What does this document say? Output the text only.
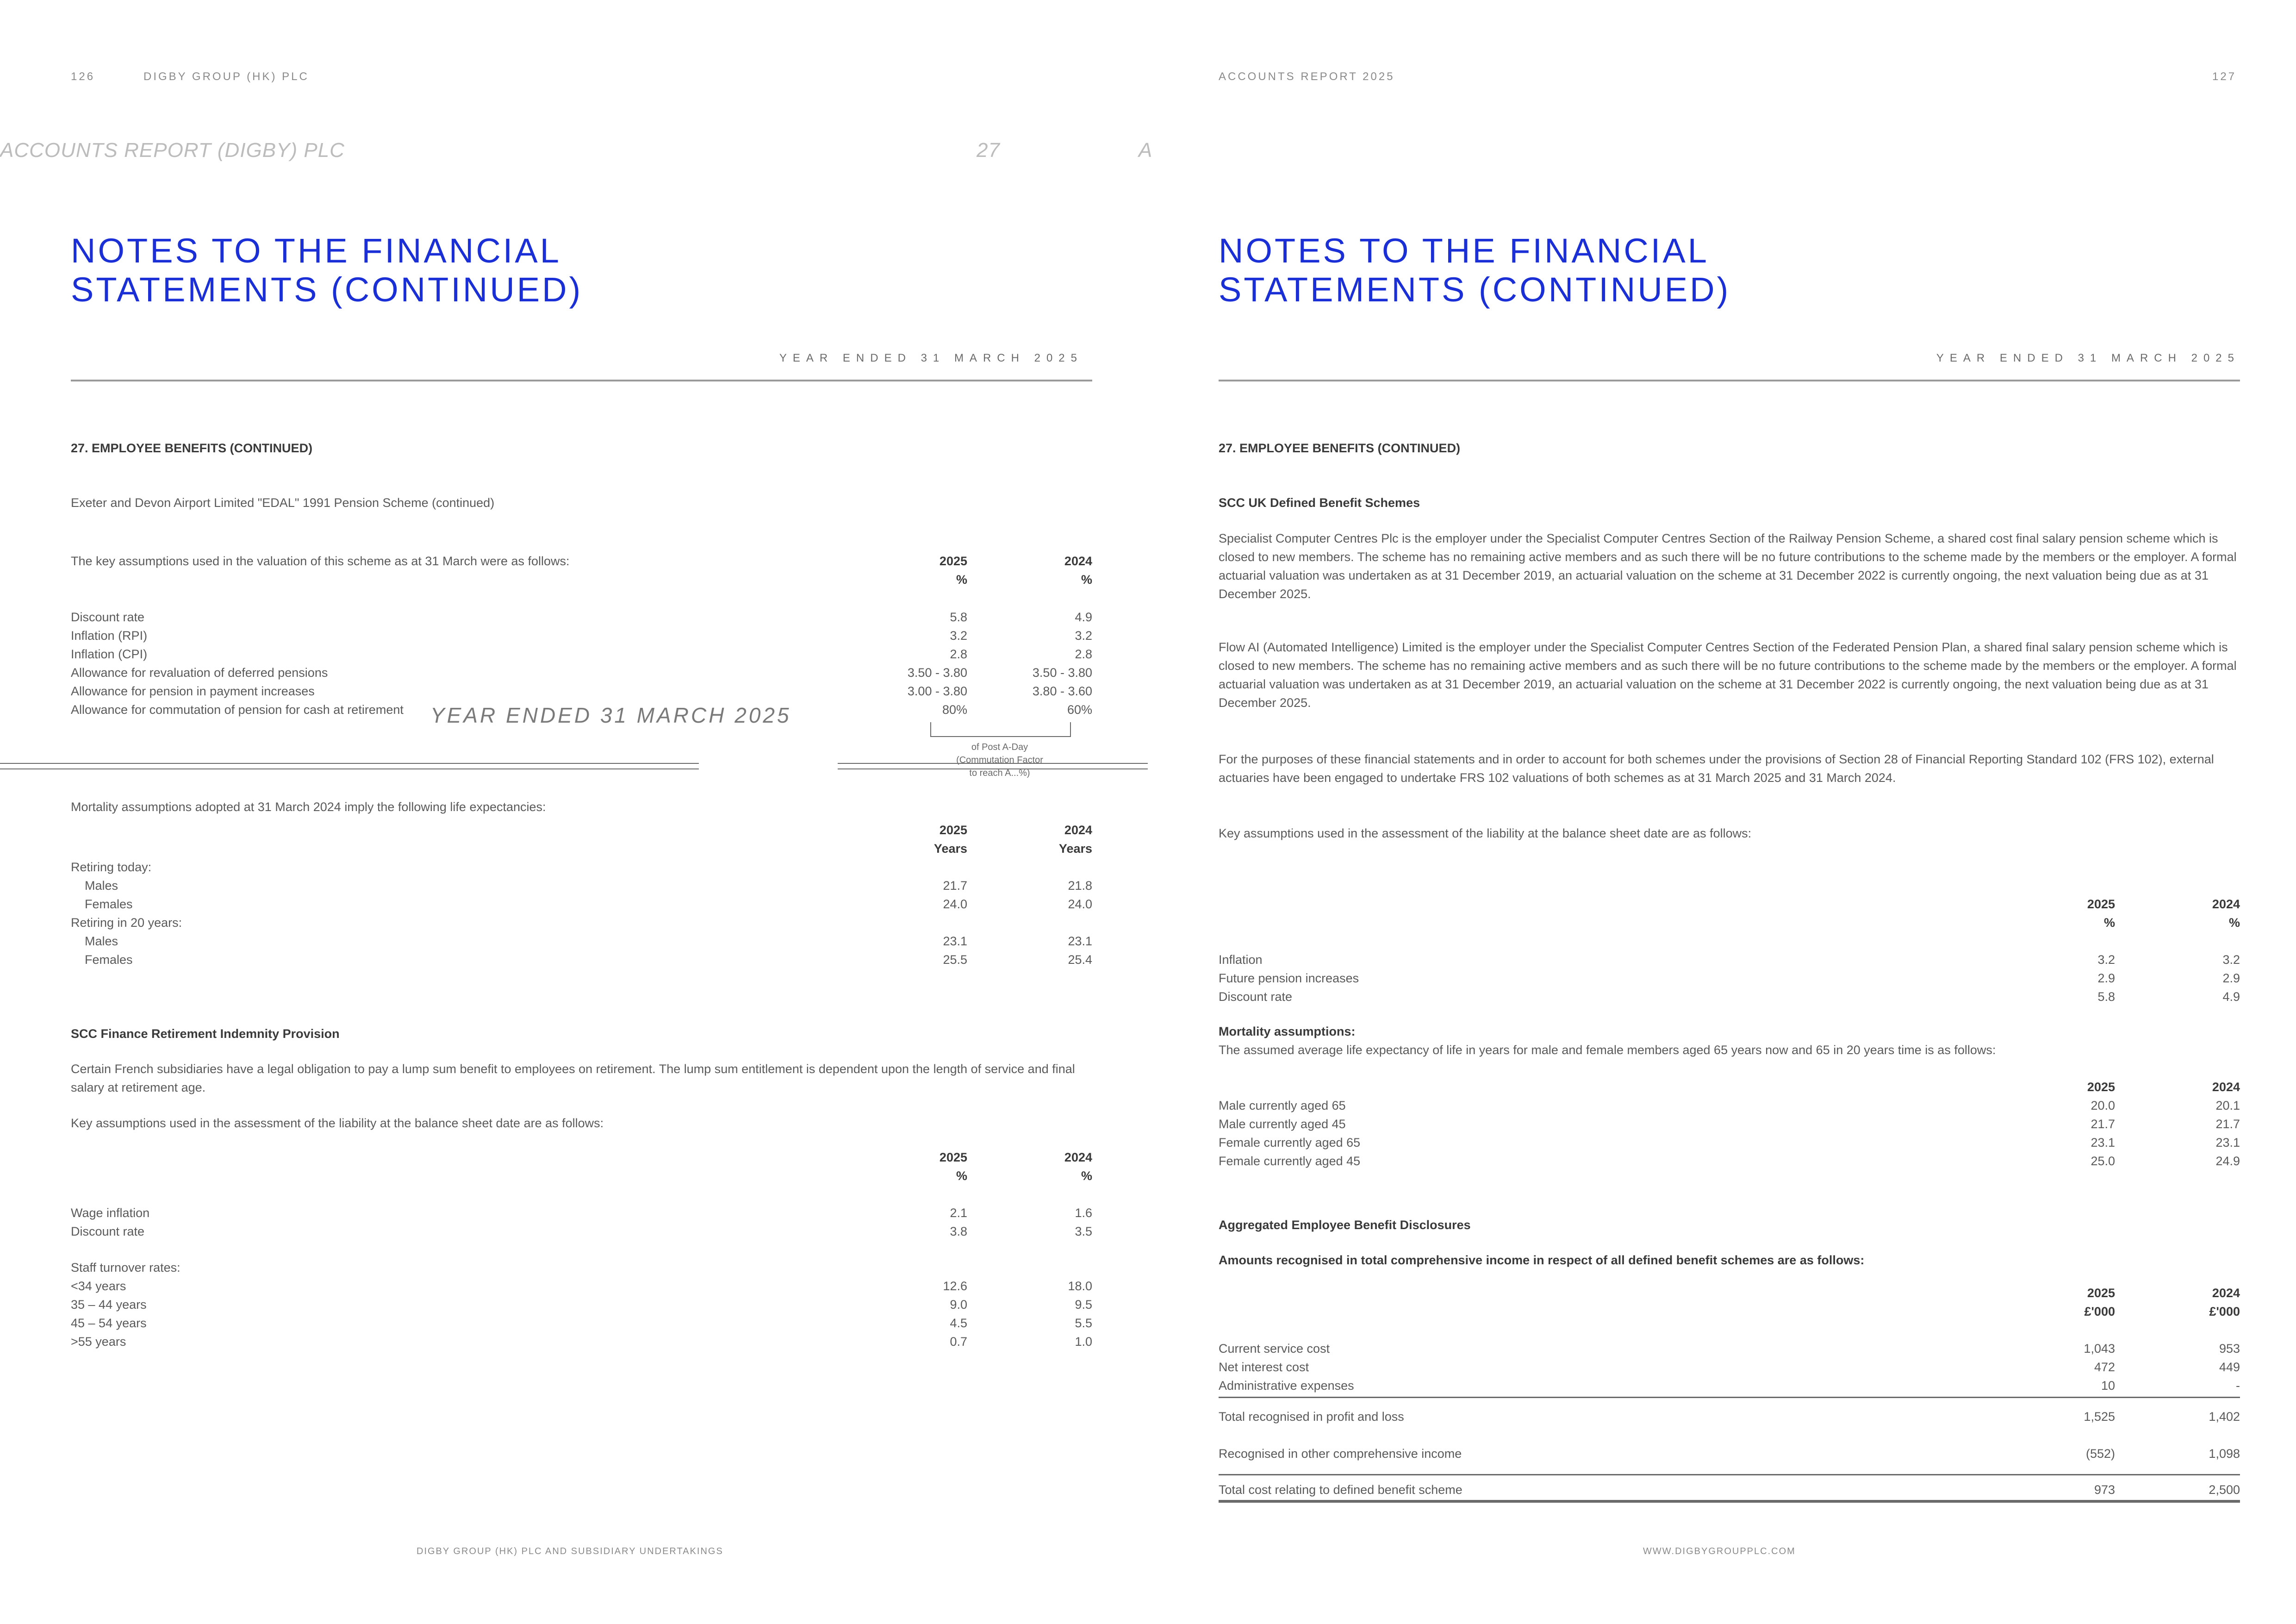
126	DIGBY GROUP (HK) PLC
ACCOUNTS REPORT (DIGBY) PLC	27	A
NOTES TO THE FINANCIAL
STATEMENTS (CONTINUED)
YEAR ENDED 31 MARCH 2025
27. EMPLOYEE BENEFITS (CONTINUED)
Exeter and Devon Airport Limited "EDAL" 1991 Pension Scheme (continued)
The key assumptions used in the valuation of this scheme as at 31 March were as follows:	2025	2024
%	%
Discount rate	5.8	4.9
Inflation (RPI)	3.2	3.2
Inflation (CPI)	2.8	2.8
Allowance for revaluation of deferred pensions	3.50 - 3.80	3.50 - 3.80
Allowance for pension in payment increases	3.00 - 3.80	3.80 - 3.60
Allowance for commutation of pension for cash at retirement	80%	60%
YEAR ENDED 31 MARCH 2025
of Post A-Day
(Commutation Factor
to reach A...%)
Mortality assumptions adopted at 31 March 2024 imply the following life expectancies:
2025	2024
Years	Years
Retiring today:
Males	21.7	21.8
Females	24.0	24.0
Retiring in 20 years:
Males	23.1	23.1
Females	25.5	25.4
SCC Finance Retirement Indemnity Provision
Certain French subsidiaries have a legal obligation to pay a lump sum benefit to employees on retirement. The lump sum entitlement is dependent upon the length of service and final salary at retirement age.
Key assumptions used in the assessment of the liability at the balance sheet date are as follows:
2025	2024
%	%
Wage inflation	2.1	1.6
Discount rate	3.8	3.5
Staff turnover rates:
<34 years	12.6	18.0
35 – 44 years	9.0	9.5
45 – 54 years	4.5	5.5
>55 years	0.7	1.0
DIGBY GROUP (HK) PLC AND SUBSIDIARY UNDERTAKINGS
ACCOUNTS REPORT 2025	127
NOTES TO THE FINANCIAL
STATEMENTS (CONTINUED)
YEAR ENDED 31 MARCH 2025
27. EMPLOYEE BENEFITS (CONTINUED)
SCC UK Defined Benefit Schemes
Specialist Computer Centres Plc is the employer under the Specialist Computer Centres Section of the Railway Pension Scheme, a shared cost final salary pension scheme which is closed to new members. The scheme has no remaining active members and as such there will be no future contributions to the scheme made by the members or the employer. A formal actuarial valuation was undertaken as at 31 December 2019, an actuarial valuation on the scheme at 31 December 2022 is currently ongoing, the next valuation being due as at 31 December 2025.
Flow AI (Automated Intelligence) Limited is the employer under the Specialist Computer Centres Section of the Federated Pension Plan, a shared final salary pension scheme which is closed to new members. The scheme has no remaining active members and as such there will be no future contributions to the scheme made by the members or the employer. A formal actuarial valuation was undertaken as at 31 December 2019, an actuarial valuation on the scheme at 31 December 2022 is currently ongoing, the next valuation being due as at 31 December 2025.
For the purposes of these financial statements and in order to account for both schemes under the provisions of Section 28 of Financial Reporting Standard 102 (FRS 102), external actuaries have been engaged to undertake FRS 102 valuations of both schemes as at 31 March 2025 and 31 March 2024.
Key assumptions used in the assessment of the liability at the balance sheet date are as follows:
2025	2024
%	%
Inflation	3.2	3.2
Future pension increases	2.9	2.9
Discount rate	5.8	4.9
Mortality assumptions:
The assumed average life expectancy of life in years for male and female members aged 65 years now and 65 in 20 years time is as follows:
2025	2024
Male currently aged 65	20.0	20.1
Male currently aged 45	21.7	21.7
Female currently aged 65	23.1	23.1
Female currently aged 45	25.0	24.9
Aggregated Employee Benefit Disclosures
Amounts recognised in total comprehensive income in respect of all defined benefit schemes are as follows:
2025	2024
£'000	£'000
Current service cost	1,043	953
Net interest cost	472	449
Administrative expenses	10	-
Total recognised in profit and loss	1,525	1,402
Recognised in other comprehensive income	(552)	1,098
Total cost relating to defined benefit scheme	973	2,500
WWW.DIGBYGROUPPLC.COM
